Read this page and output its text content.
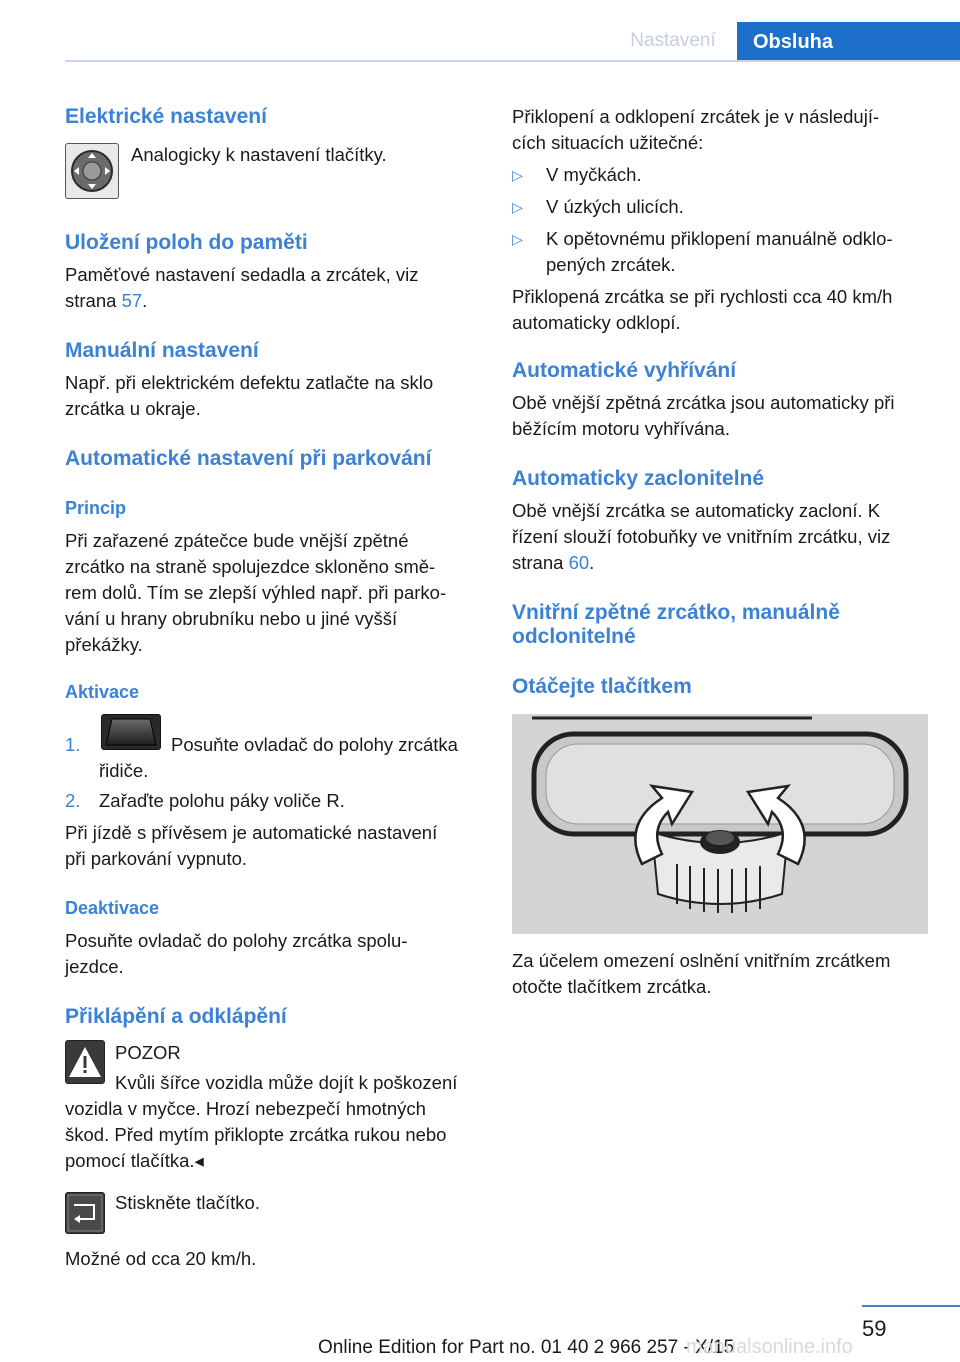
Nastavení	Obsluha
Elektrické nastavení
Analogicky k nastavení tlačítky.
Uložení poloh do paměti
Paměťové nastavení sedadla a zrcátek, viz
strana 57.
Manuální nastavení
Např. při elektrickém defektu zatlačte na sklo
zrcátka u okraje.
Automatické nastavení při parkování
Princip
Při zařazené zpátečce bude vnější zpětné
zrcátko na straně spolujezdce skloněno smě‐
rem dolů. Tím se zlepší výhled např. při parko‐
vání u hrany obrubníku nebo u jiné vyšší
překážky.
Aktivace
1.	Posuňte ovladač do polohy zrcátka
řidiče.
2. Zařaďte polohu páky voliče R.
Při jízdě s přívěsem je automatické nastavení
při parkování vypnuto.
Deaktivace
Posuňte ovladač do polohy zrcátka spolu‐
jezdce.
Přiklápění a odklápění
POZOR
Kvůli šířce vozidla může dojít k poškození
vozidla v myčce. Hrozí nebezpečí hmotných
škod. Před mytím přiklopte zrcátka rukou nebo
pomocí tlačítka.◂
Stiskněte tlačítko.
Možné od cca 20 km/h.
Přiklopení a odklopení zrcátek je v následují‐
cích situacích užitečné:
▷ V myčkách.
▷ V úzkých ulicích.
▷ K opětovnému přiklopení manuálně odklo‐
pených zrcátek.
Přiklopená zrcátka se při rychlosti cca 40 km/h
automaticky odklopí.
Automatické vyhřívání
Obě vnější zpětná zrcátka jsou automaticky při
běžícím motoru vyhřívána.
Automaticky zaclonitelné
Obě vnější zrcátka se automaticky zacloní. K
řízení slouží fotobuňky ve vnitřním zrcátku, viz
strana 60.
Vnitřní zpětné zrcátko, manuálně
odclonitelné
Otáčejte tlačítkem
Za účelem omezení oslnění vnitřním zrcátkem
otočte tlačítkem zrcátka.
59
Online Edition for Part no. 01 40 2 966 257 - X/15
manualsonline.info
